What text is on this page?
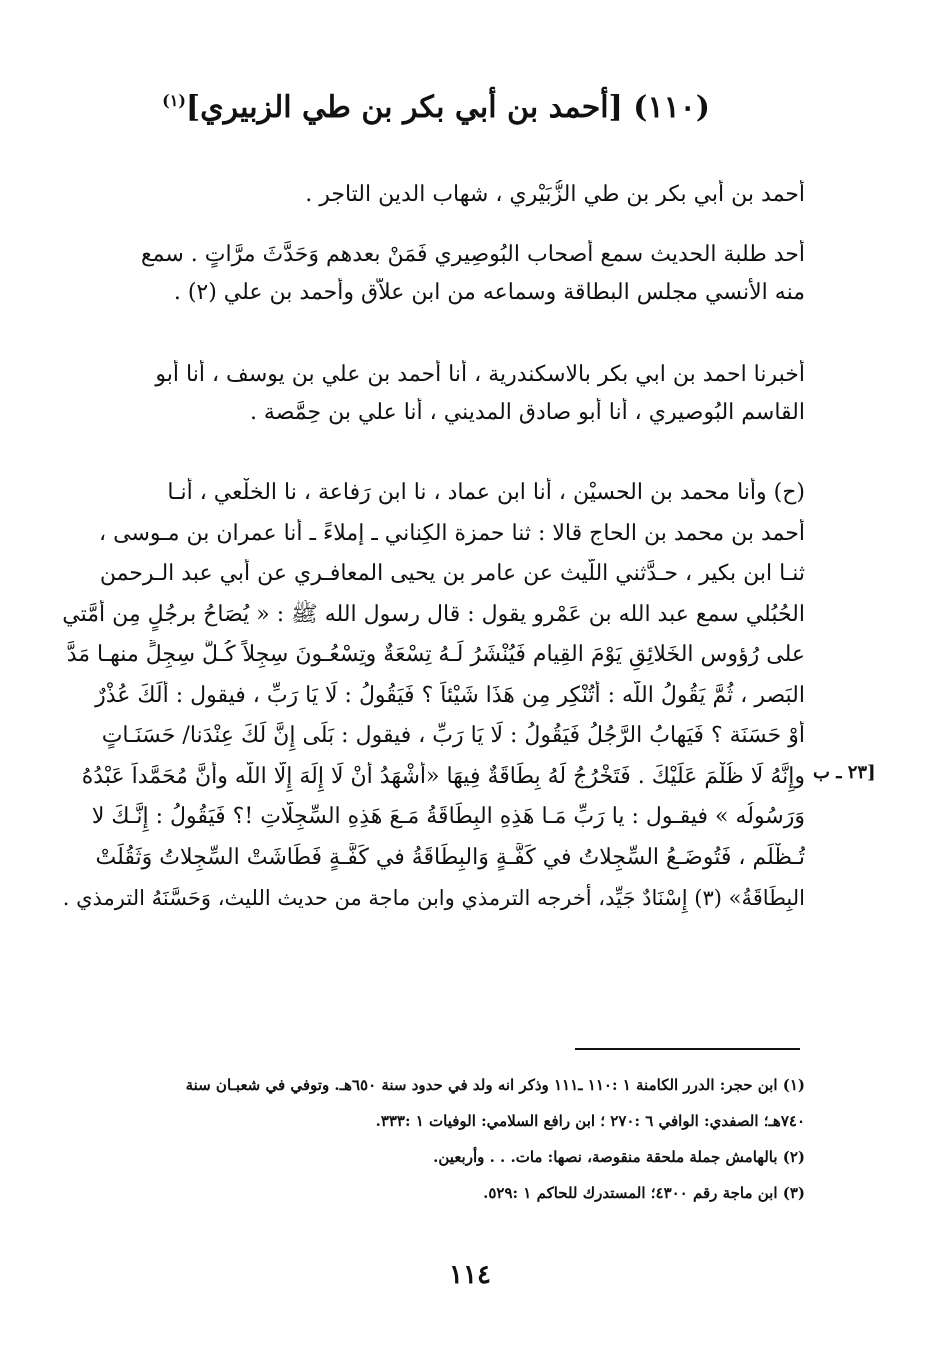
(١١٠) [أحمد بن أبي بكر بن طي الزبيري]$^{(١)}$
أحمد بن أبي بكر بن طي الزُّبَيْري ، شهاب الدين التاجر .
أحد طلبة الحديث سمع أصحاب البُوصِيري فَمَنْ بعدهم وَحَدَّثَ مرَّاتٍ . سمع
منه الأنسي مجلس البطاقة وسماعه من ابن علاّق وأحمد بن علي (٢) .
أخبرنا احمد بن ابي بكر بالاسكندرية ، أنا أحمد بن علي بن يوسف ، أنا أبو
القاسم البُوصيري ، أنا أبو صادق المديني ، أنا علي بن حِمَّصة .
(ح) وأنا محمد بن الحسيْن ، أنا ابن عماد ، نا ابن رَفاعة ، نا الخلْعي ، أنـا
أحمد بن محمد بن الحاج قالا : ثنا حمزة الكِناني ـ إملاءً ـ أنا عمران بن مـوسى ،
ثنـا ابن بكير ، حـدَّثني اللَّيث عن عامر بن يحيى المعافـري عن أبي عبد الـرحمن
الحُبُلي سمع عبد الله بن عَمْرو يقول : قال رسول الله ﷺ : « يُصَاحُ برجُلٍ مِن أُمَّتي
على رُؤوس الخَلائِقِ يَوْمَ القِيام فَيُنْشَرُ لَـهُ تِسْعَةٌ وتِسْعُـونَ سِجِلاً كُـلُّ سِجِلٍّ منهـا مَدَّ
البَصر ، ثُمَّ يَقُولُ اللَّه : أَتُنْكِر مِن هَذَا شَيْئاً ؟ فَيَقُولُ : لَا يَا رَبِّ ، فيقول : أَلَكَ عُذْرٌ
أَوْ حَسَنَة ؟ فَيَهابُ الرَّجُلُ فَيَقُولُ : لَا يَا رَبِّ ، فيقول : بَلَى إِنَّ لَكَ عِنْدَنا/ حَسَنَـاتٍ
وإِنَّهُ لَا ظُلْمَ عَلَيْكَ . فَتَخْرُجُ لَهُ بِطَاقَةٌ فِيهَا «أَشْهَدُ أَنْ لَا إِلَهَ إِلَّا اللّه وأَنَّ مُحَمَّداً عَبْدُهُ
وَرَسُولُه » فيقـول : يا رَبِّ مَـا هَذِهِ البِطَاقَةُ مَـعَ هَذِهِ السِّجِلَّاتِ !؟ فَيَقُولُ : إِنَّـكَ لا
تُـظْلَم ، فَتُوضَـعُ السِّجِلاتُ في كَفَّـةٍ وَالبِطَاقَةُ في كَفَّـةٍ فَطَاشَتْ السِّجِلاتُ وَثَقُلَتْ
البِطَاقَةُ» (٣) إِسْنَادٌ جَيِّد، أخرجه الترمذي وابن ماجة من حديث الليث، وَحَسَّنَهُ الترمذي .
[٢٣ ـ ب
(١) ابن حجر: الدرر الكامنة ١ :١١٠ ـ١١١ وذكر انه ولد في حدود سنة ٦٥٠هـ. وتوفي في شعبـان سنة
٧٤٠هـ؛ الصفدي: الوافي ٦ :٢٧٠ ؛ ابن رافع السلامي: الوفيات ١ :٣٣٣.
(٢) بالهامش جملة ملحقة منقوصة، نصها: مات. . . وأربعين.
(٣) ابن ماجة رقم ٤٣٠٠؛ المستدرك للحاكم ١ :٥٢٩.
١١٤
